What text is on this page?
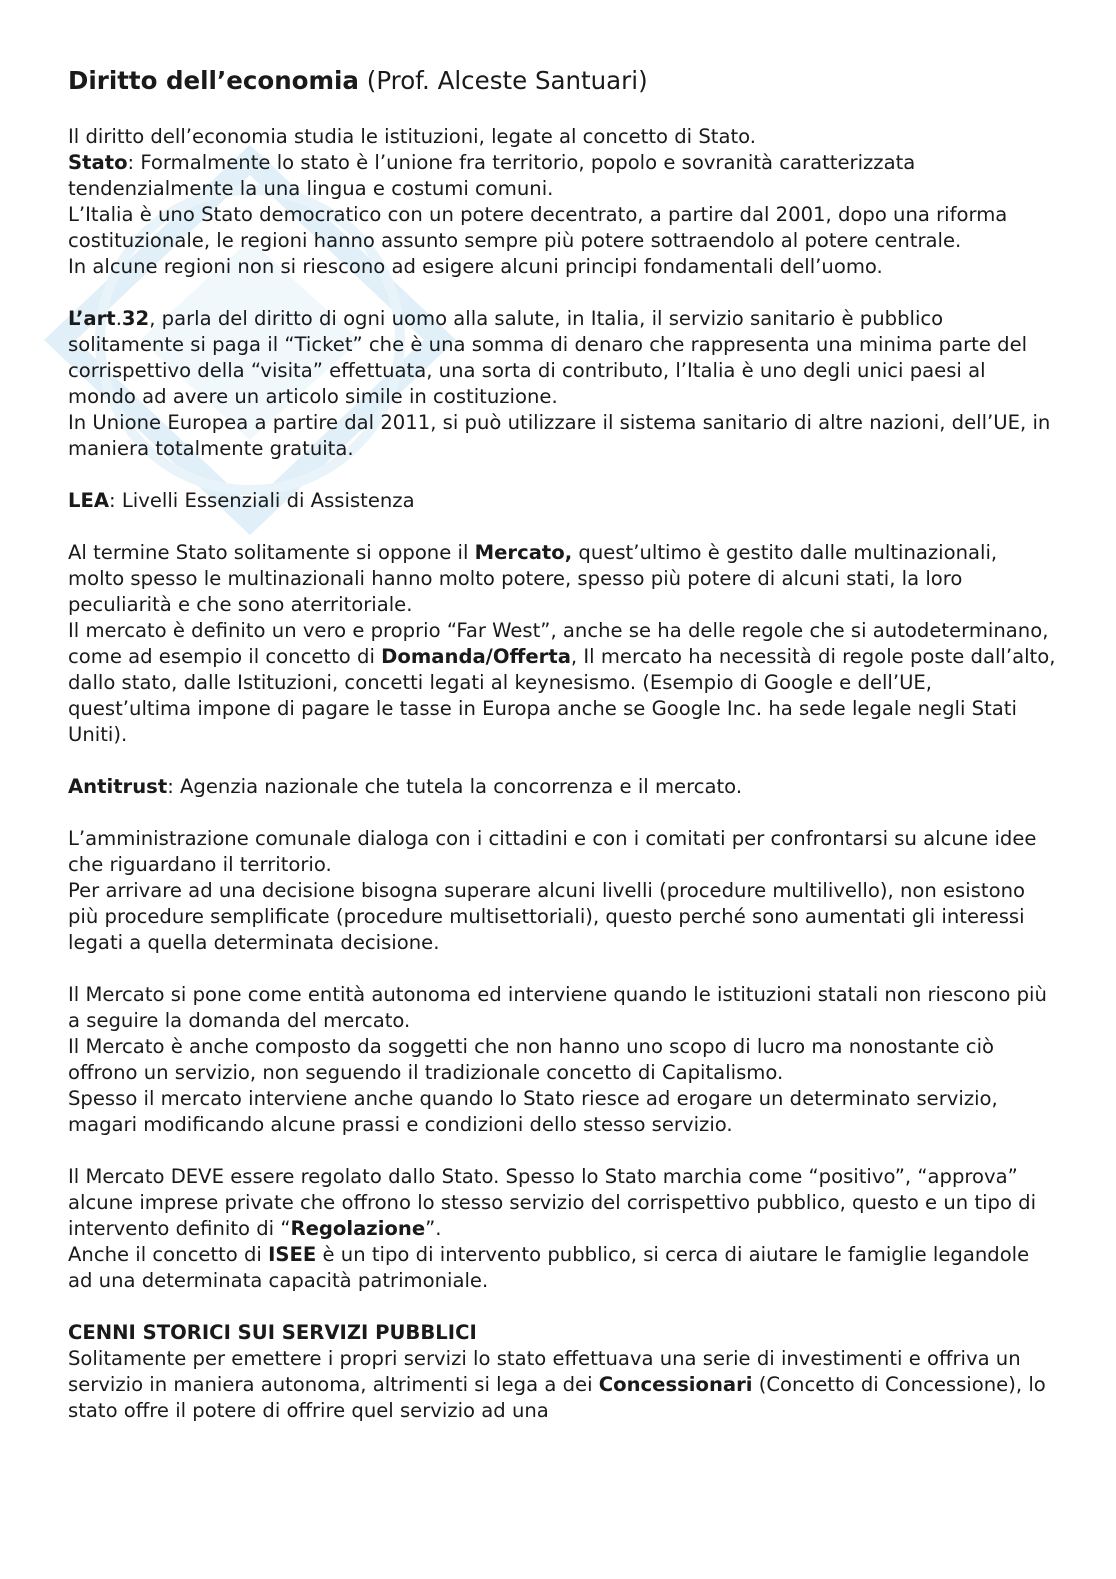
Diritto dell’economia (Prof. Alceste Santuari)

Il diritto dell’economia studia le istituzioni, legate al concetto di Stato.

Stato: Formalmente lo stato è l’unione fra territorio, popolo e sovranità caratterizzata tendenzialmente la una lingua e costumi comuni.

L’Italia è uno Stato democratico con un potere decentrato, a partire dal 2001, dopo una riforma costituzionale, le regioni hanno assunto sempre più potere sottraendolo al potere centrale.

In alcune regioni non si riescono ad esigere alcuni principi fondamentali dell’uomo.

L’art.32, parla del diritto di ogni uomo alla salute, in Italia, il servizio sanitario è pubblico solitamente si paga il “Ticket” che è una somma di denaro che rappresenta una minima parte del corrispettivo della “visita” effettuata, una sorta di contributo, l’Italia è uno degli unici paesi al mondo ad avere un articolo simile in costituzione.

In Unione Europea a partire dal 2011, si può utilizzare il sistema sanitario di altre nazioni, dell’UE, in maniera totalmente gratuita.

LEA: Livelli Essenziali di Assistenza

Al termine Stato solitamente si oppone il Mercato, quest’ultimo è gestito dalle multinazionali, molto spesso le multinazionali hanno molto potere, spesso più potere di alcuni stati, la loro peculiarità e che sono aterritoriale.

Il mercato è definito un vero e proprio “Far West”, anche se ha delle regole che si autodeterminano, come ad esempio il concetto di Domanda/Offerta, Il mercato ha necessità di regole poste dall’alto, dallo stato, dalle Istituzioni, concetti legati al keynesismo. (Esempio di Google e dell’UE, quest’ultima impone di pagare le tasse in Europa anche se Google Inc. ha sede legale negli Stati Uniti).

Antitrust: Agenzia nazionale che tutela la concorrenza e il mercato.

L’amministrazione comunale dialoga con i cittadini e con i comitati per confrontarsi su alcune idee che riguardano il territorio.

Per arrivare ad una decisione bisogna superare alcuni livelli (procedure multilivello), non esistono più procedure semplificate (procedure multisettoriali), questo perché sono aumentati gli interessi legati a quella determinata decisione.

Il Mercato si pone come entità autonoma ed interviene quando le istituzioni statali non riescono più a seguire la domanda del mercato.

Il Mercato è anche composto da soggetti che non hanno uno scopo di lucro ma nonostante ciò offrono un servizio, non seguendo il tradizionale concetto di Capitalismo.

Spesso il mercato interviene anche quando lo Stato riesce ad erogare un determinato servizio, magari modificando alcune prassi e condizioni dello stesso servizio.

Il Mercato DEVE essere regolato dallo Stato. Spesso lo Stato marchia come “positivo”, “approva” alcune imprese private che offrono lo stesso servizio del corrispettivo pubblico, questo e un tipo di intervento definito di “Regolazione”.

Anche il concetto di ISEE è un tipo di intervento pubblico, si cerca di aiutare le famiglie legandole ad una determinata capacità patrimoniale.

CENNI STORICI SUI SERVIZI PUBBLICI

Solitamente per emettere i propri servizi lo stato effettuava una serie di investimenti e offriva un servizio in maniera autonoma, altrimenti si lega a dei Concessionari (Concetto di Concessione), lo stato offre il potere di offrire quel servizio ad una
